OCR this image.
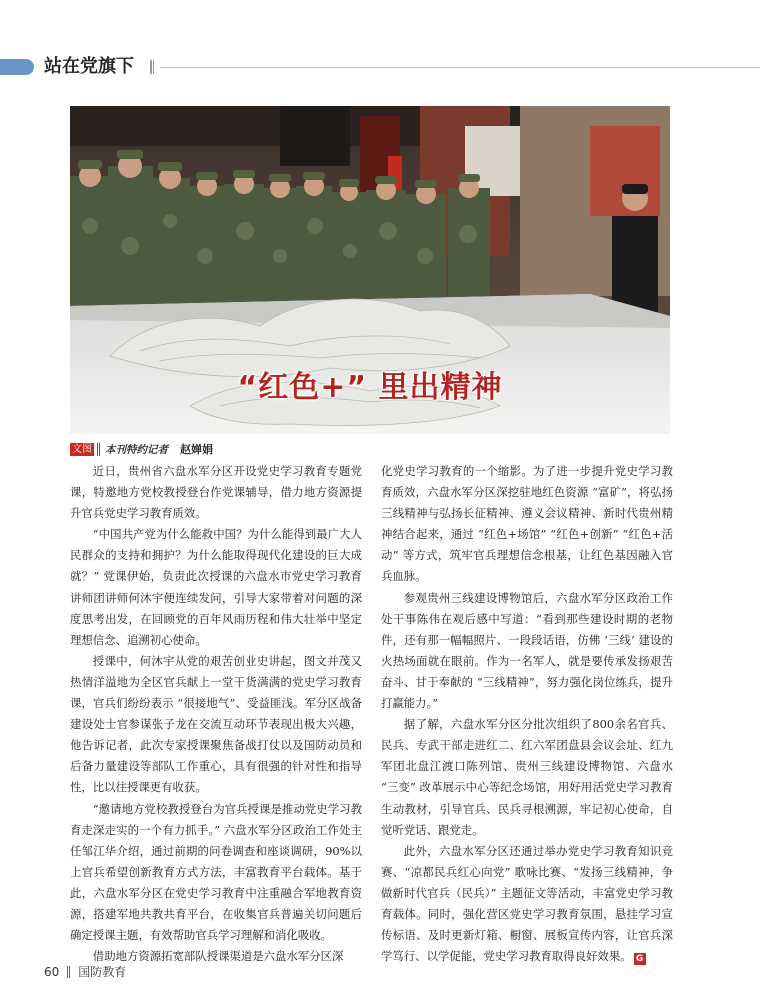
站在党旗下
“红色+” 里出精神
文图 本刊特约记者 赵婵娟

近日，贵州省六盘水军分区开设党史学习教育专题党课，特邀地方党校教授登台作党课辅导，借力地方资源提升官兵党史学习教育质效。

“中国共产党为什么能救中国？为什么能得到最广大人民群众的支持和拥护？为什么能取得现代化建设的巨大成就？” 党课伊始，负责此次授课的六盘水市党史学习教育讲师团讲师何沐宇便连续发问，引导大家带着对问题的深度思考出发，在回顾党的百年风雨历程和伟大壮举中坚定理想信念、追溯初心使命。

授课中，何沐宇从党的艰苦创业史讲起，图文并茂又热情洋溢地为全区官兵献上一堂干货满满的党史学习教育课，官兵们纷纷表示 “很接地气”、受益匪浅。军分区战备建设处士官参谋张子龙在交流互动环节表现出极大兴趣，他告诉记者，此次专家授课聚焦备战打仗以及国防动员和后备力量建设等部队工作重心，具有很强的针对性和指导性，比以往授课更有收获。

“邀请地方党校教授登台为官兵授课是推动党史学习教育走深走实的一个有力抓手。” 六盘水军分区政治工作处主任邹江华介绍，通过前期的问卷调查和座谈调研，90%以上官兵希望创新教育方式方法，丰富教育平台载体。基于此，六盘水军分区在党史学习教育中注重融合军地教育资源，搭建军地共教共育平台，在收集官兵普遍关切问题后确定授课主题，有效帮助官兵学习理解和消化吸收。

借助地方资源拓宽部队授课渠道是六盘水军分区深

化党史学习教育的一个缩影。为了进一步提升党史学习教育质效，六盘水军分区深挖驻地红色资源 “富矿”，将弘扬三线精神与弘扬长征精神、遵义会议精神、新时代贵州精神结合起来，通过 “红色+场馆” “红色+创新” “红色+活动” 等方式，筑牢官兵理想信念根基，让红色基因融入官兵血脉。

参观贵州三线建设博物馆后，六盘水军分区政治工作处干事陈伟在观后感中写道：“看到那些建设时期的老物件，还有那一幅幅照片、一段段话语，仿佛 ‘三线’ 建设的火热场面就在眼前。作为一名军人，就是要传承发扬艰苦奋斗、甘于奉献的 “三线精神”，努力强化岗位练兵，提升打赢能力。”

据了解，六盘水军分区分批次组织了800余名官兵、民兵、专武干部走进红二、红六军团盘县会议会址、红九军团北盘江渡口陈列馆、贵州三线建设博物馆、六盘水 “三变” 改革展示中心等纪念场馆，用好用活党史学习教育生动教材，引导官兵、民兵寻根溯源，牢记初心使命，自觉听党话、跟党走。

此外，六盘水军分区还通过举办党史学习教育知识竞赛、“凉都民兵红心向党” 歌咏比赛、“发扬三线精神，争做新时代官兵（民兵）” 主题征文等活动，丰富党史学习教育载体。同时，强化营区党史学习教育氛围，悬挂学习宣传标语、及时更新灯箱、橱窗、展板宣传内容，让官兵深学笃行、以学促能，党史学习教育取得良好效果。 G

60 国防教育
